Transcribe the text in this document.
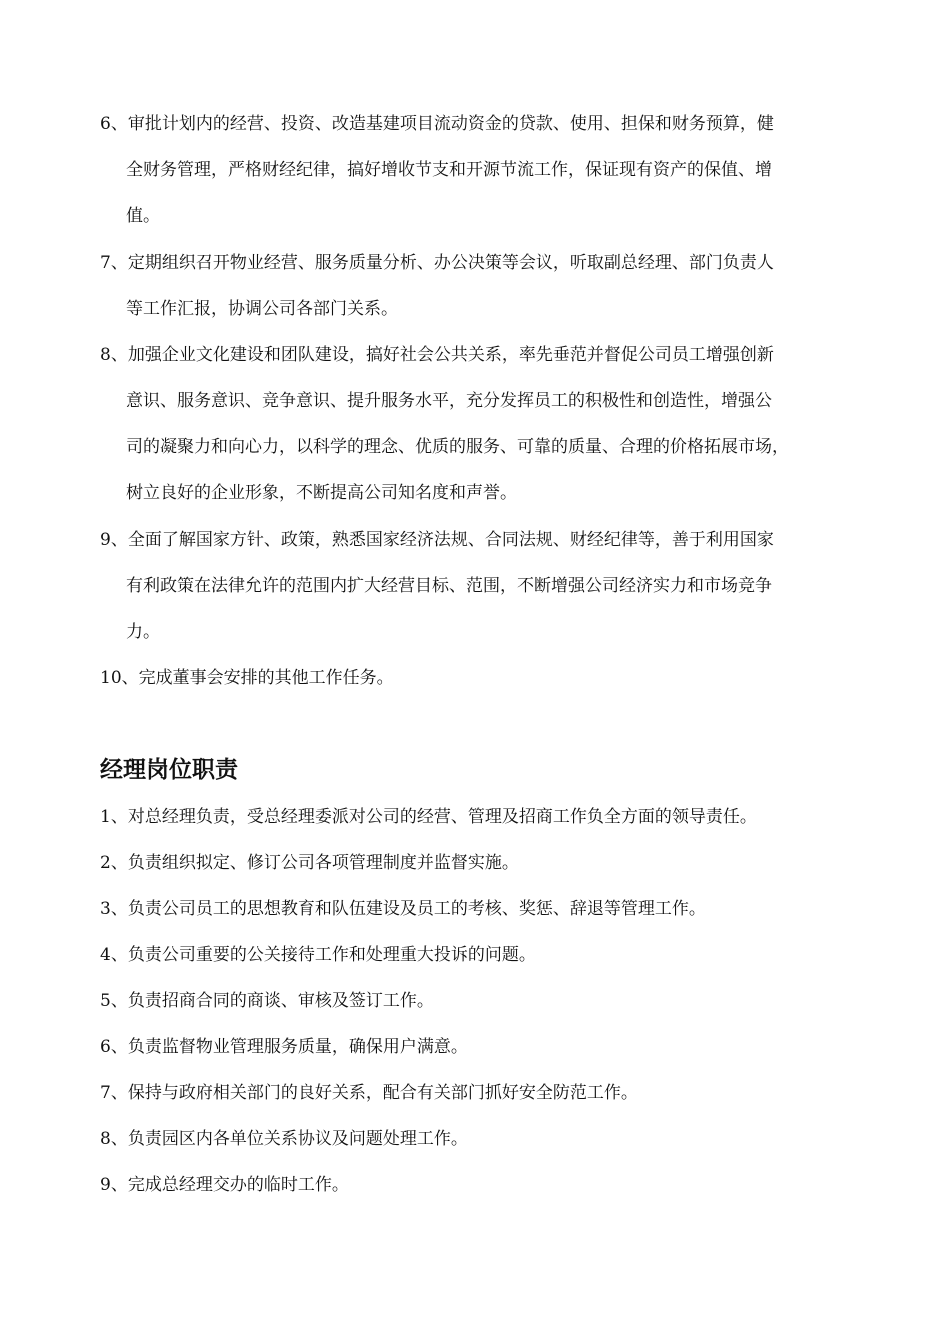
6、审批计划内的经营、投资、改造基建项目流动资金的贷款、使用、担保和财务预算，健
全财务管理，严格财经纪律，搞好增收节支和开源节流工作，保证现有资产的保值、增
值。
7、定期组织召开物业经营、服务质量分析、办公决策等会议，听取副总经理、部门负责人
等工作汇报，协调公司各部门关系。
8、加强企业文化建设和团队建设，搞好社会公共关系，率先垂范并督促公司员工增强创新
意识、服务意识、竞争意识、提升服务水平，充分发挥员工的积极性和创造性，增强公
司的凝聚力和向心力，以科学的理念、优质的服务、可靠的质量、合理的价格拓展市场，
树立良好的企业形象，不断提高公司知名度和声誉。
9、全面了解国家方针、政策，熟悉国家经济法规、合同法规、财经纪律等，善于利用国家
有利政策在法律允许的范围内扩大经营目标、范围，不断增强公司经济实力和市场竞争
力。
10、完成董事会安排的其他工作任务。
经理岗位职责
1、对总经理负责，受总经理委派对公司的经营、管理及招商工作负全方面的领导责任。
2、负责组织拟定、修订公司各项管理制度并监督实施。
3、负责公司员工的思想教育和队伍建设及员工的考核、奖惩、辞退等管理工作。
4、负责公司重要的公关接待工作和处理重大投诉的问题。
5、负责招商合同的商谈、审核及签订工作。
6、负责监督物业管理服务质量，确保用户满意。
7、保持与政府相关部门的良好关系，配合有关部门抓好安全防范工作。
8、负责园区内各单位关系协议及问题处理工作。
9、完成总经理交办的临时工作。
